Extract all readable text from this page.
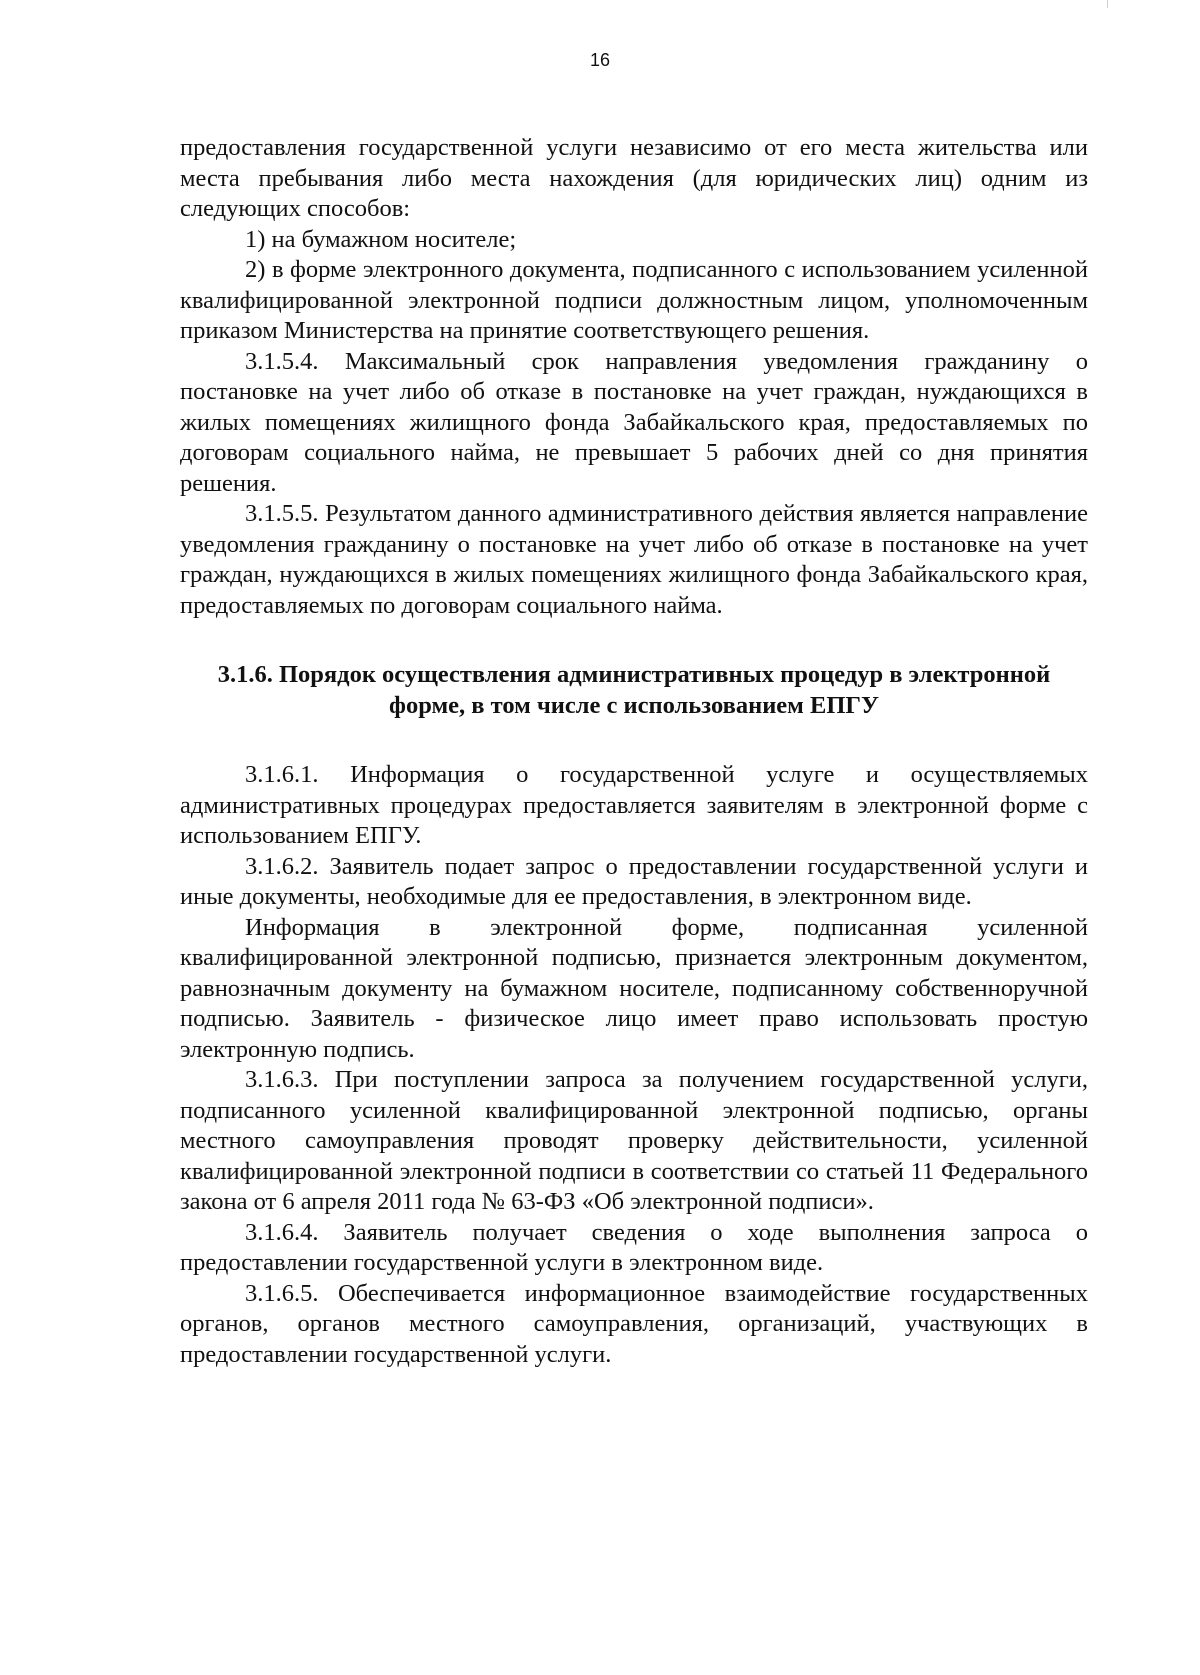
16

предоставления государственной услуги независимо от его места жительства или места пребывания либо места нахождения (для юридических лиц) одним из следующих способов:

1) на бумажном носителе;

2) в форме электронного документа, подписанного с использованием усиленной квалифицированной электронной подписи должностным лицом, уполномоченным приказом Министерства на принятие соответствующего решения.

3.1.5.4. Максимальный срок направления уведомления гражданину о постановке на учет либо об отказе в постановке на учет граждан, нуждающихся в жилых помещениях жилищного фонда Забайкальского края, предоставляемых по договорам социального найма, не превышает 5 рабочих дней со дня принятия решения.

3.1.5.5. Результатом данного административного действия является направление уведомления гражданину о постановке на учет либо об отказе в постановке на учет граждан, нуждающихся в жилых помещениях жилищного фонда Забайкальского края, предоставляемых по договорам социального найма.

3.1.6. Порядок осуществления административных процедур в электронной форме, в том числе с использованием ЕПГУ

3.1.6.1. Информация о государственной услуге и осуществляемых административных процедурах предоставляется заявителям в электронной форме с использованием ЕПГУ.

3.1.6.2. Заявитель подает запрос о предоставлении государственной услуги и иные документы, необходимые для ее предоставления, в электронном виде.

Информация в электронной форме, подписанная усиленной квалифицированной электронной подписью, признается электронным документом, равнозначным документу на бумажном носителе, подписанному собственноручной подписью. Заявитель - физическое лицо имеет право использовать простую электронную подпись.

3.1.6.3. При поступлении запроса за получением государственной услуги, подписанного усиленной квалифицированной электронной подписью, органы местного самоуправления проводят проверку действительности, усиленной квалифицированной электронной подписи в соответствии со статьей 11 Федерального закона от 6 апреля 2011 года № 63-ФЗ «Об электронной подписи».

3.1.6.4. Заявитель получает сведения о ходе выполнения запроса о предоставлении государственной услуги в электронном виде.

3.1.6.5. Обеспечивается информационное взаимодействие государственных органов, органов местного самоуправления, организаций, участвующих в предоставлении государственной услуги.
